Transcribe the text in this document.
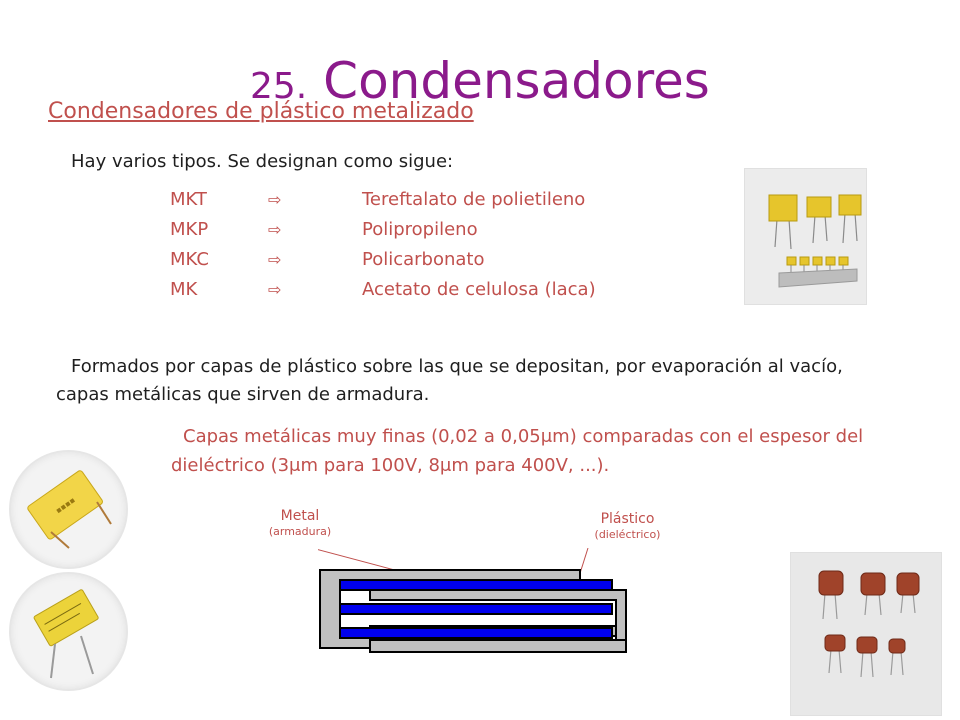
25. Condensadores
Condensadores de plástico metalizado
Hay varios tipos. Se designan como sigue:
MKT	⇨	Tereftalato de polietileno
MKP	⇨	Polipropileno
MKC	⇨	Policarbonato
MK	⇨	Acetato de celulosa (laca)
Formados por capas de plástico sobre las que se depositan, por evaporación al vacío,
capas metálicas que sirven de armadura.
Capas metálicas muy finas (0,02 a 0,05μm) comparadas con el espesor del
dieléctrico (3μm para 100V, 8μm para 400V, ...).
▪▪▪▪
Metal
(armadura)
Plástico
(dieléctrico)
